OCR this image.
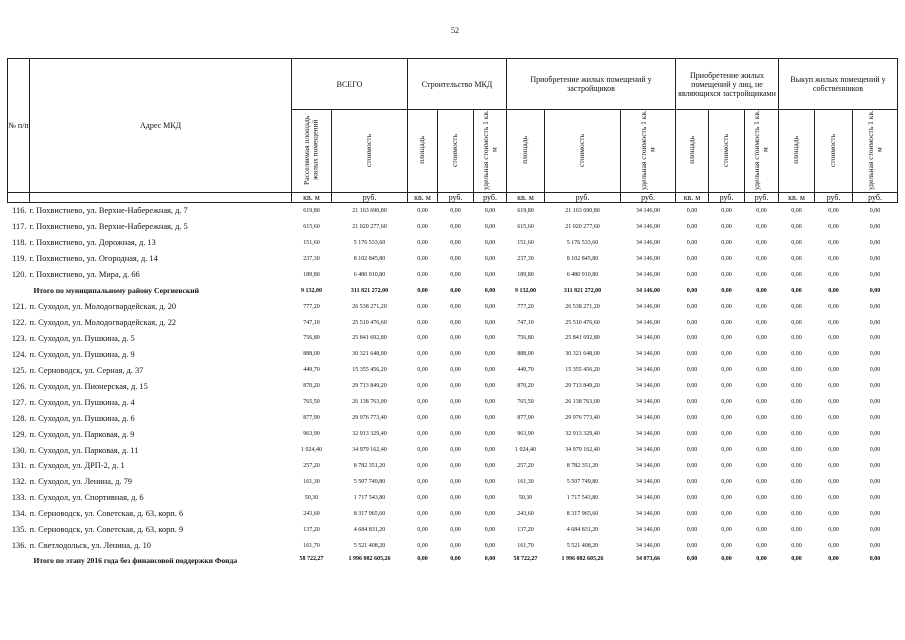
52
№ п/п	Адрес МКД	ВСЕГО		Строительство МКД			Приобретение жилых помещений у застройщиков			Приобретение жилых помещений у лиц, не являющихся застройщиками			Выкуп жилых помещений у собственников		
		Расселяемая площадь жилых помещений	стоимость	площадь	стоимость	удельная стоимость 1 кв. м	площадь	стоимость	удельная стоимость 1 кв. м	площадь	стоимость	удельная стоимость 1 кв. м	площадь	стоимость	удельная стоимость 1 кв. м
		кв. м	руб.	кв. м	руб.	руб.	кв. м	руб.	руб.	кв. м	руб.	руб.	кв. м	руб.	руб.
116.	г. Похвистнево, ул. Верхне-Набережная, д. 7	619,80	21 163 690,80	0,00	0,00	0,00	619,80	21 163 690,80	34 146,00	0,00	0,00	0,00	0,00	0,00	0,00
117.	г. Похвистнево, ул. Верхне-Набережная, д. 5	615,60	21 020 277,60	0,00	0,00	0,00	615,60	21 020 277,60	34 146,00	0,00	0,00	0,00	0,00	0,00	0,00
118.	г. Похвистнево, ул. Дорожная, д. 13	151,60	5 176 533,60	0,00	0,00	0,00	151,60	5 176 533,60	34 146,00	0,00	0,00	0,00	0,00	0,00	0,00
119.	г. Похвистнево, ул. Огородная, д. 14	237,30	8 102 845,80	0,00	0,00	0,00	237,30	8 102 845,80	34 146,00	0,00	0,00	0,00	0,00	0,00	0,00
120.	г. Похвистнево, ул. Мира, д. 66	189,80	6 480 910,80	0,00	0,00	0,00	189,80	6 480 910,80	34 146,00	0,00	0,00	0,00	0,00	0,00	0,00
	Итого по муниципальному району Сергиевский	9 132,00	311 821 272,00	0,00	0,00	0,00	9 132,00	311 821 272,00	34 146,00	0,00	0,00	0,00	0,00	0,00	0,00
121.	п. Суходол, ул. Молодогвардейская, д. 20	777,20	26 538 271,20	0,00	0,00	0,00	777,20	26 538 271,20	34 146,00	0,00	0,00	0,00	0,00	0,00	0,00
122.	п. Суходол, ул. Молодогвардейская, д. 22	747,10	25 510 476,60	0,00	0,00	0,00	747,10	25 510 476,60	34 146,00	0,00	0,00	0,00	0,00	0,00	0,00
123.	п. Суходол, ул. Пушкина, д. 5	756,80	25 841 692,80	0,00	0,00	0,00	756,80	25 841 692,80	34 146,00	0,00	0,00	0,00	0,00	0,00	0,00
124.	п. Суходол, ул. Пушкина, д. 9	888,00	30 321 648,00	0,00	0,00	0,00	888,00	30 321 648,00	34 146,00	0,00	0,00	0,00	0,00	0,00	0,00
125.	п. Серноводск, ул. Серная, д. 37	449,70	15 355 456,20	0,00	0,00	0,00	449,70	15 355 456,20	34 146,00	0,00	0,00	0,00	0,00	0,00	0,00
126.	п. Суходол, ул. Пионерская, д. 15	870,20	29 713 849,20	0,00	0,00	0,00	870,20	29 713 849,20	34 146,00	0,00	0,00	0,00	0,00	0,00	0,00
127.	п. Суходол, ул. Пушкина, д. 4	765,50	26 138 763,00	0,00	0,00	0,00	765,50	26 138 763,00	34 146,00	0,00	0,00	0,00	0,00	0,00	0,00
128.	п. Суходол, ул. Пушкина, д. 6	877,90	29 976 773,40	0,00	0,00	0,00	877,90	29 976 773,40	34 146,00	0,00	0,00	0,00	0,00	0,00	0,00
129.	п. Суходол, ул. Парковая, д. 9	963,90	32 913 329,40	0,00	0,00	0,00	963,90	32 913 329,40	34 146,00	0,00	0,00	0,00	0,00	0,00	0,00
130.	п. Суходол, ул. Парковая, д. 11	1 024,40	34 979 162,40	0,00	0,00	0,00	1 024,40	34 979 162,40	34 146,00	0,00	0,00	0,00	0,00	0,00	0,00
131.	п. Суходол, ул. ДРП-2, д. 1	257,20	8 782 351,20	0,00	0,00	0,00	257,20	8 782 351,20	34 146,00	0,00	0,00	0,00	0,00	0,00	0,00
132.	п. Суходол, ул. Ленина, д. 79	161,30	5 507 749,80	0,00	0,00	0,00	161,30	5 507 749,80	34 146,00	0,00	0,00	0,00	0,00	0,00	0,00
133.	п. Суходол, ул. Спортивная, д. 6	50,30	1 717 543,80	0,00	0,00	0,00	50,30	1 717 543,80	34 146,00	0,00	0,00	0,00	0,00	0,00	0,00
134.	п. Серноводск, ул. Советская, д. 63, корп. 6	243,60	8 317 965,60	0,00	0,00	0,00	243,60	8 317 965,60	34 146,00	0,00	0,00	0,00	0,00	0,00	0,00
135.	п. Серноводск, ул. Советская, д. 63, корп. 9	137,20	4 684 831,20	0,00	0,00	0,00	137,20	4 684 831,20	34 146,00	0,00	0,00	0,00	0,00	0,00	0,00
136.	п. Светлодольск, ул. Ленина, д. 10	161,70	5 521 408,20	0,00	0,00	0,00	161,70	5 521 408,20	34 146,00	0,00	0,00	0,00	0,00	0,00	0,00
	Итого по этапу 2016 года без финансовой поддержки Фонда	58 722,27	1 996 082 605,26	0,00	0,00	0,00	58 722,27	1 996 082 605,26	34 073,66	0,00	0,00	0,00	0,00	0,00	0,00
